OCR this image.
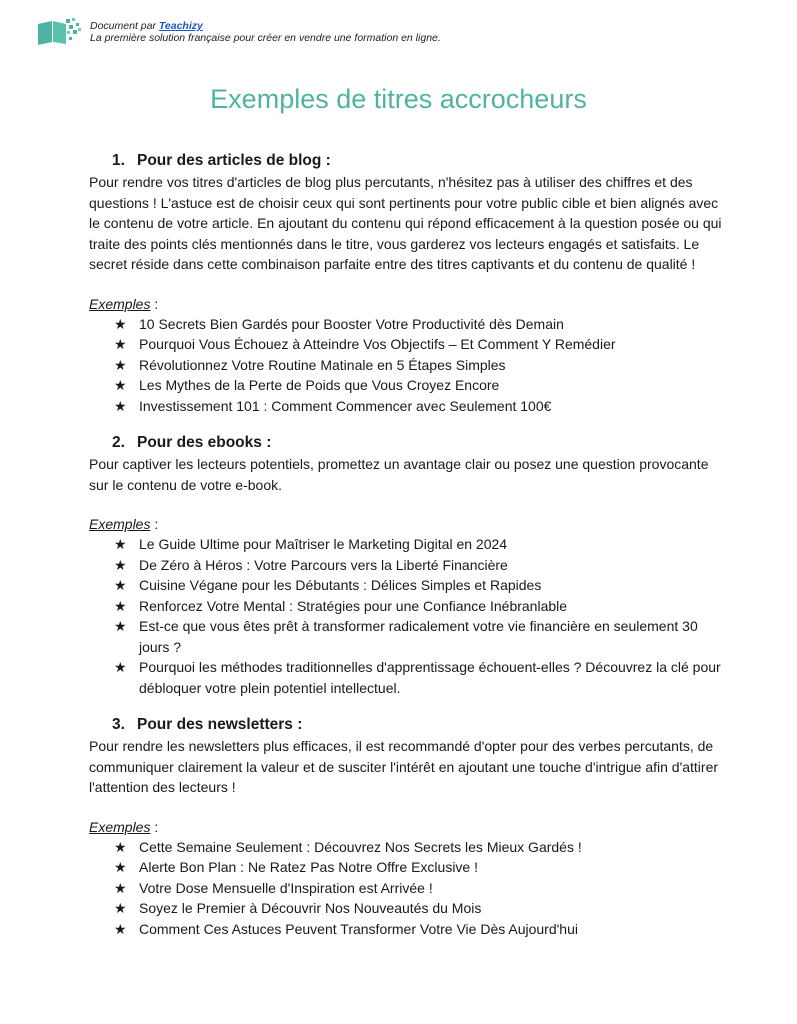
Document par Teachizy
La première solution française pour créer en vendre une formation en ligne.
Exemples de titres accrocheurs
1. Pour des articles de blog :

Pour rendre vos titres d'articles de blog plus percutants, n'hésitez pas à utiliser des chiffres et des questions ! L'astuce est de choisir ceux qui sont pertinents pour votre public cible et bien alignés avec le contenu de votre article. En ajoutant du contenu qui répond efficacement à la question posée ou qui traite des points clés mentionnés dans le titre, vous garderez vos lecteurs engagés et satisfaits. Le secret réside dans cette combinaison parfaite entre des titres captivants et du contenu de qualité !

Exemples :
★ 10 Secrets Bien Gardés pour Booster Votre Productivité dès Demain
★ Pourquoi Vous Échouez à Atteindre Vos Objectifs – Et Comment Y Remédier
★ Révolutionnez Votre Routine Matinale en 5 Étapes Simples
★ Les Mythes de la Perte de Poids que Vous Croyez Encore
★ Investissement 101 : Comment Commencer avec Seulement 100€
2. Pour des ebooks :

Pour captiver les lecteurs potentiels, promettez un avantage clair ou posez une question provocante sur le contenu de votre e-book.

Exemples :
★ Le Guide Ultime pour Maîtriser le Marketing Digital en 2024
★ De Zéro à Héros : Votre Parcours vers la Liberté Financière
★ Cuisine Végane pour les Débutants : Délices Simples et Rapides
★ Renforcez Votre Mental : Stratégies pour une Confiance Inébranlable
★ Est-ce que vous êtes prêt à transformer radicalement votre vie financière en seulement 30 jours ?
★ Pourquoi les méthodes traditionnelles d'apprentissage échouent-elles ? Découvrez la clé pour débloquer votre plein potentiel intellectuel.
3. Pour des newsletters :

Pour rendre les newsletters plus efficaces, il est recommandé d'opter pour des verbes percutants, de communiquer clairement la valeur et de susciter l'intérêt en ajoutant une touche d'intrigue afin d'attirer l'attention des lecteurs !

Exemples :
★ Cette Semaine Seulement : Découvrez Nos Secrets les Mieux Gardés !
★ Alerte Bon Plan : Ne Ratez Pas Notre Offre Exclusive !
★ Votre Dose Mensuelle d'Inspiration est Arrivée !
★ Soyez le Premier à Découvrir Nos Nouveautés du Mois
★ Comment Ces Astuces Peuvent Transformer Votre Vie Dès Aujourd'hui
